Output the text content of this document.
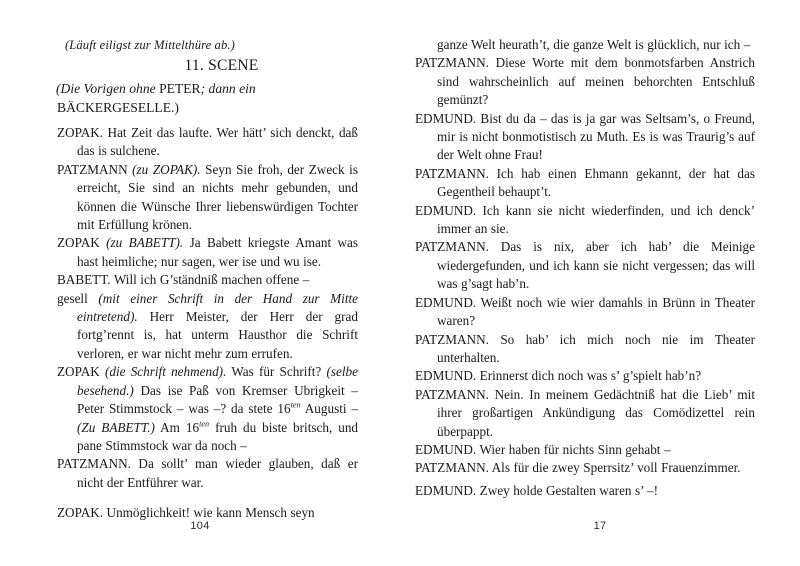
(Läuft eiligst zur Mittelthüre ab.)
11. SCENE
(Die Vorigen ohne PETER; dann ein
BÄCKERGESELLE.)
ZOPAK. Hat Zeit das laufte. Wer hätt’ sich denckt, daß das is sulchene.
PATZMANN (zu ZOPAK). Seyn Sie froh, der Zweck is erreicht, Sie sind an nichts mehr gebunden, und können die Wünsche Ihrer liebenswürdigen Tochter mit Erfüllung krönen.
ZOPAK (zu BABETT). Ja Babett kriegste Amant was hast heimliche; nur sagen, wer ise und wu ise.
BABETT. Will ich G’ständniß machen offene –
gesell (mit einer Schrift in der Hand zur Mitte eintretend). Herr Meister, der Herr der grad fortg’rennt is, hat unterm Hausthor die Schrift verloren, er war nicht mehr zum errufen.
ZOPAK (die Schrift nehmend). Was für Schrift? (selbe besehend.) Das ise Paß von Kremser Ubrigkeit – Peter Stimmstock – was –? da stete $16^{ten}$ Augusti – (Zu BABETT.) Am $16^{ten}$ fruh du biste britsch, und pane Stimmstock war da noch –
PATZMANN. Da sollt’ man wieder glauben, daß er nicht der Entführer war.
ZOPAK. Unmöglichkeit! wie kann Mensch seyn
104
ganze Welt heurath’t, die ganze Welt is glücklich, nur ich –
PATZMANN. Diese Worte mit dem bonmotsfarben Anstrich sind wahrscheinlich auf meinen behorchten Entschluß gemünzt?
EDMUND. Bist du da – das is ja gar was Seltsam’s, o Freund, mir is nicht bonmotistisch zu Muth. Es is was Traurig’s auf der Welt ohne Frau!
PATZMANN. Ich hab einen Ehmann gekannt, der hat das Gegentheil behaupt’t.
EDMUND. Ich kann sie nicht wiederfinden, und ich denck’ immer an sie.
PATZMANN. Das is nix, aber ich hab’ die Meinige wiedergefunden, und ich kann sie nicht vergessen; das will was g’sagt hab’n.
EDMUND. Weißt noch wie wier damahls in Brünn in Theater waren?
PATZMANN. So hab’ ich mich noch nie im Theater unterhalten.
EDMUND. Erinnerst dich noch was s’ g’spielt hab’n?
PATZMANN. Nein. In meinem Gedächtniß hat die Lieb’ mit ihrer großartigen Ankündigung das Comödizettel rein überpappt.
EDMUND. Wier haben für nichts Sinn gehabt –
PATZMANN. Als für die zwey Sperrsitz’ voll Frauenzimmer.
EDMUND. Zwey holde Gestalten waren s’ –!
17
